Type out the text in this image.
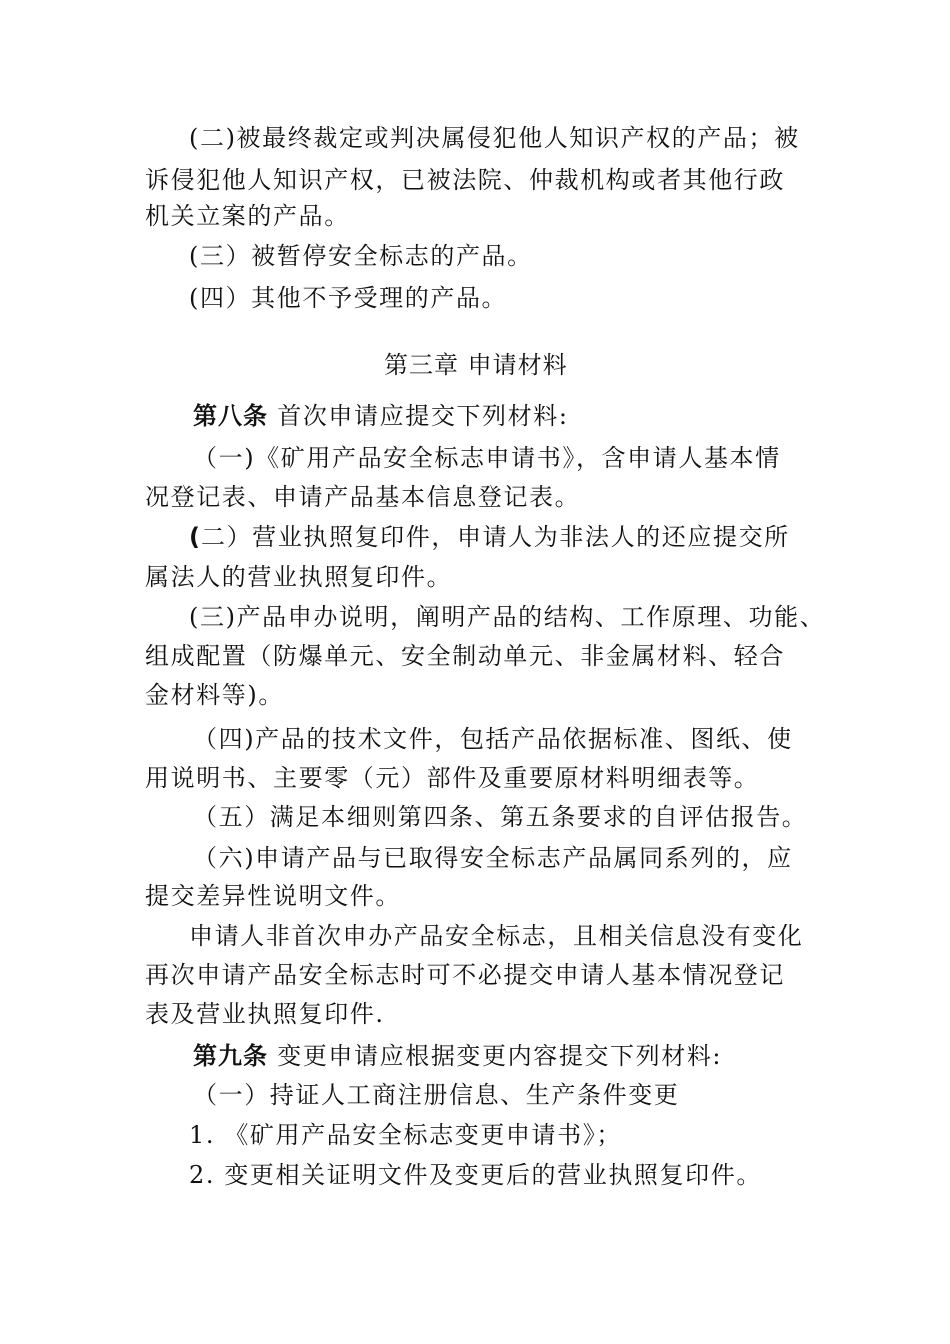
(二)被最终裁定或判决属侵犯他人知识产权的产品；被
诉侵犯他人知识产权，已被法院、仲裁机构或者其他行政
机关立案的产品。
(三）被暂停安全标志的产品。
(四）其他不予受理的产品。
第三章 申请材料
第八条 首次申请应提交下列材料:
（一)《矿用产品安全标志申请书》，含申请人基本情
况登记表、申请产品基本信息登记表。
(二）营业执照复印件，申请人为非法人的还应提交所
属法人的营业执照复印件。
(三)产品申办说明，阐明产品的结构、工作原理、功能、
组成配置（防爆单元、安全制动单元、非金属材料、轻合
金材料等)。
（四)产品的技术文件，包括产品依据标准、图纸、使
用说明书、主要零（元）部件及重要原材料明细表等。
（五）满足本细则第四条、第五条要求的自评估报告。
（六)申请产品与已取得安全标志产品属同系列的，应
提交差异性说明文件。
申请人非首次申办产品安全标志，且相关信息没有变化
再次申请产品安全标志时可不必提交申请人基本情况登记
表及营业执照复印件.
第九条 变更申请应根据变更内容提交下列材料:
（一）持证人工商注册信息、生产条件变更
1. 《矿用产品安全标志变更申请书》；
2. 变更相关证明文件及变更后的营业执照复印件。
